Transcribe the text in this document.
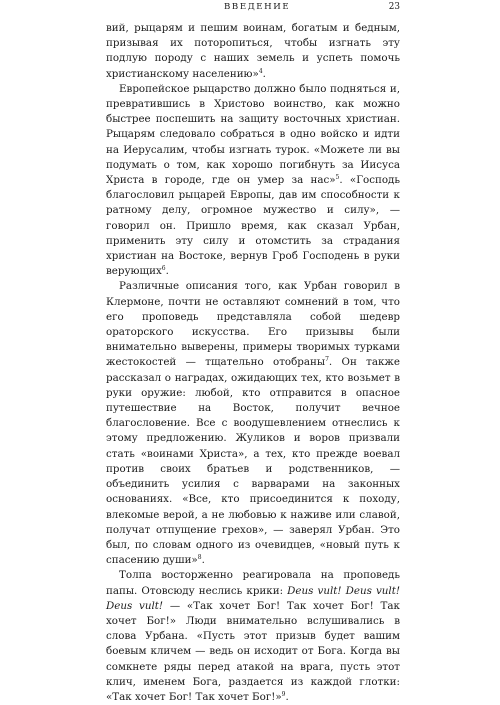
ВВЕДЕНИЕ	23

вий, рыцарям и пешим воинам, богатым и бедным, призывая их поторопиться, чтобы изгнать эту подлую породу с наших земель и успеть помочь христианскому населению»$^4$.

Европейское рыцарство должно было подняться и, превратившись в Христово воинство, как можно быстрее поспешить на защиту восточных христиан. Рыцарям следовало собраться в одно войско и идти на Иерусалим, чтобы изгнать турок. «Можете ли вы подумать о том, как хорошо погибнуть за Иисуса Христа в городе, где он умер за нас»$^5$. «Господь благословил рыцарей Европы, дав им способности к ратному делу, огромное мужество и силу», — говорил он. Пришло время, как сказал Урбан, применить эту силу и отомстить за страдания христиан на Востоке, вернув Гроб Господень в руки верующих$^6$.

Различные описания того, как Урбан говорил в Клермоне, почти не оставляют сомнений в том, что его проповедь представляла собой шедевр ораторского искусства. Его призывы были внимательно выверены, примеры творимых турками жестокостей — тщательно отобраны$^7$. Он также рассказал о наградах, ожидающих тех, кто возьмет в руки оружие: любой, кто отправится в опасное путешествие на Восток, получит вечное благословение. Все с воодушевлением отнеслись к этому предложению. Жуликов и воров призвали стать «воинами Христа», а тех, кто прежде воевал против своих братьев и родственников, — объединить усилия с варварами на законных основаниях. «Все, кто присоединится к походу, влекомые верой, а не любовью к наживе или славой, получат отпущение грехов», — заверял Урбан. Это был, по словам одного из очевидцев, «новый путь к спасению души»$^8$.

Толпа восторженно реагировала на проповедь папы. Отовсюду неслись крики: Deus vult! Deus vult! Deus vult! — «Так хочет Бог! Так хочет Бог! Так хочет Бог!» Люди внимательно вслушивались в слова Урбана. «Пусть этот призыв будет вашим боевым кличем — ведь он исходит от Бога. Когда вы сомкнете ряды перед атакой на врага, пусть этот клич, именем Бога, раздается из каждой глотки: «Так хочет Бог! Так хочет Бог!»$^9$.
